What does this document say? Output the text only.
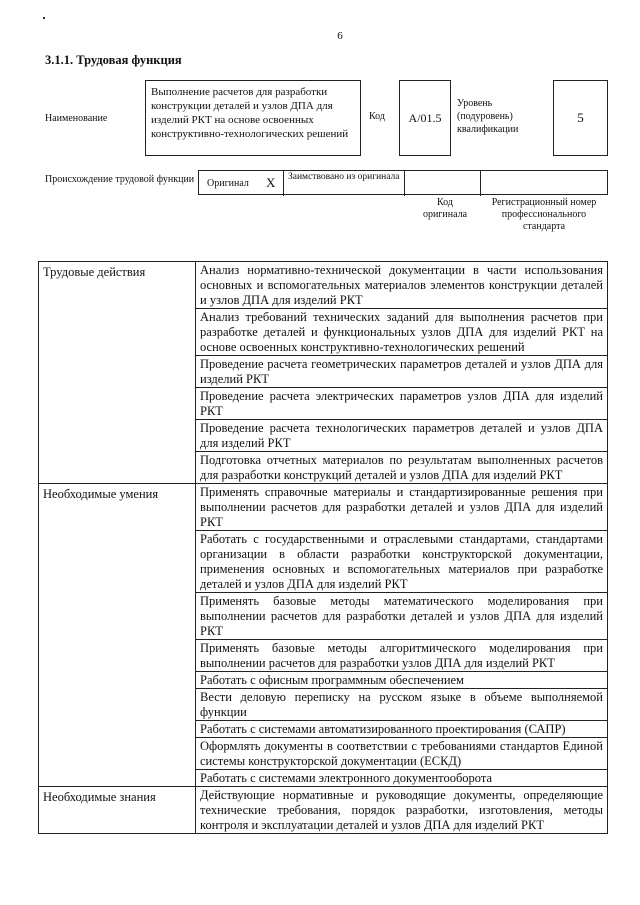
6
3.1.1. Трудовая функция
Наименование
Выполнение расчетов для разработки конструкции деталей и узлов ДПА для изделий РКТ на основе освоенных конструктивно-технологических решений
Код	А/01.5
Уровень (подуровень) квалификации
5
Происхождение трудовой функции Оригинал X Заимствовано из оригинала
Код оригинала
Регистрационный номер профессионального стандарта
Трудовые действия	Анализ нормативно-технической документации в части использования основных и вспомогательных материалов элементов конструкции деталей и узлов ДПА для изделий РКТ
	Анализ требований технических заданий для выполнения расчетов при разработке деталей и функциональных узлов ДПА для изделий РКТ на основе освоенных конструктивно-технологических решений
	Проведение расчета геометрических параметров деталей и узлов ДПА для изделий РКТ
	Проведение расчета электрических параметров узлов ДПА для изделий РКТ
	Проведение расчета технологических параметров деталей и узлов ДПА для изделий РКТ
	Подготовка отчетных материалов по результатам выполненных расчетов для разработки конструкций деталей и узлов ДПА для изделий РКТ
Необходимые умения	Применять справочные материалы и стандартизированные решения при выполнении расчетов для разработки деталей и узлов ДПА для изделий РКТ
	Работать с государственными и отраслевыми стандартами, стандартами организации в области разработки конструкторской документации, применения основных и вспомогательных материалов при разработке деталей и узлов ДПА для изделий РКТ
	Применять базовые методы математического моделирования при выполнении расчетов для разработки деталей и узлов ДПА для изделий РКТ
	Применять базовые методы алгоритмического моделирования при выполнении расчетов для разработки узлов ДПА для изделий РКТ
	Работать с офисным программным обеспечением
	Вести деловую переписку на русском языке в объеме выполняемой функции
	Работать с системами автоматизированного проектирования (САПР)
	Оформлять документы в соответствии с требованиями стандартов Единой системы конструкторской документации (ЕСКД)
	Работать с системами электронного документооборота
Необходимые знания	Действующие нормативные и руководящие документы, определяющие технические требования, порядок разработки, изготовления, методы контроля и эксплуатации деталей и узлов ДПА для изделий РКТ
